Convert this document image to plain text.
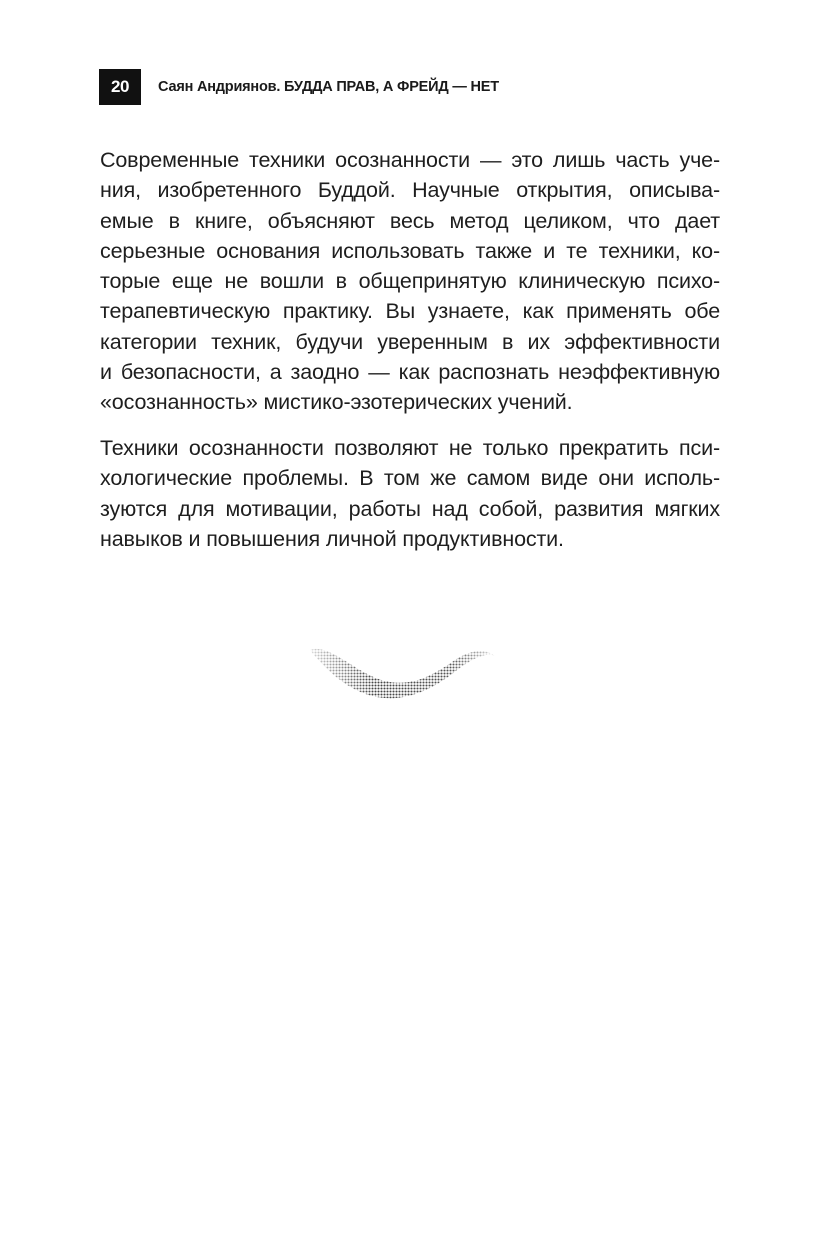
20	Саян Андриянов. БУДДА ПРАВ, А ФРЕЙД — НЕТ
Современные техники осознанности — это лишь часть уче-
ния, изобретенного Буддой. Научные открытия, описыва-
емые в книге, объясняют весь метод целиком, что дает
серьезные основания использовать также и те техники, ко-
торые еще не вошли в общепринятую клиническую психо-
терапевтическую практику. Вы узнаете, как применять обе
категории техник, будучи уверенным в их эффективности
и безопасности, а заодно — как распознать неэффективную
«осознанность» мистико-эзотерических учений.
Техники осознанности позволяют не только прекратить пси-
хологические проблемы. В том же самом виде они исполь-
зуются для мотивации, работы над собой, развития мягких
навыков и повышения личной продуктивности.
